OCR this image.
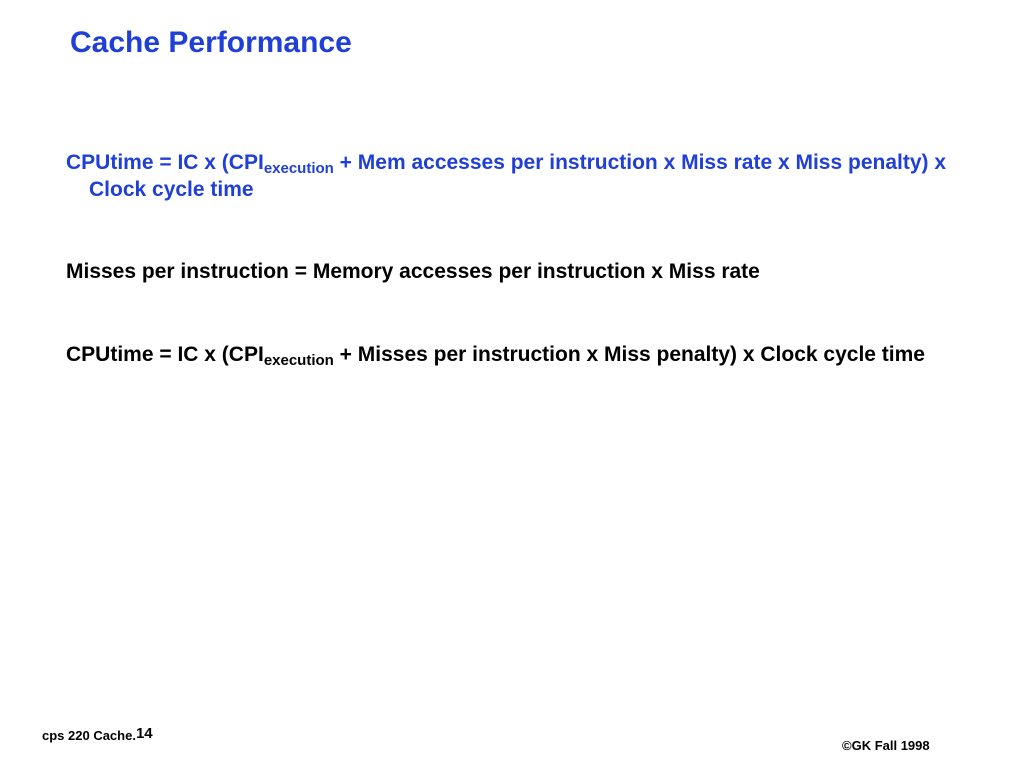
Cache Performance
CPUtime = IC x ($CPI_{execution}$ + Mem accesses per instruction x Miss rate x Miss penalty) x Clock cycle time
Misses per instruction = Memory accesses per instruction x Miss rate
CPUtime = IC x ($CPI_{execution}$ + Misses per instruction x Miss penalty) x Clock cycle time
cps 220 Cache.14
©GK Fall 1998
